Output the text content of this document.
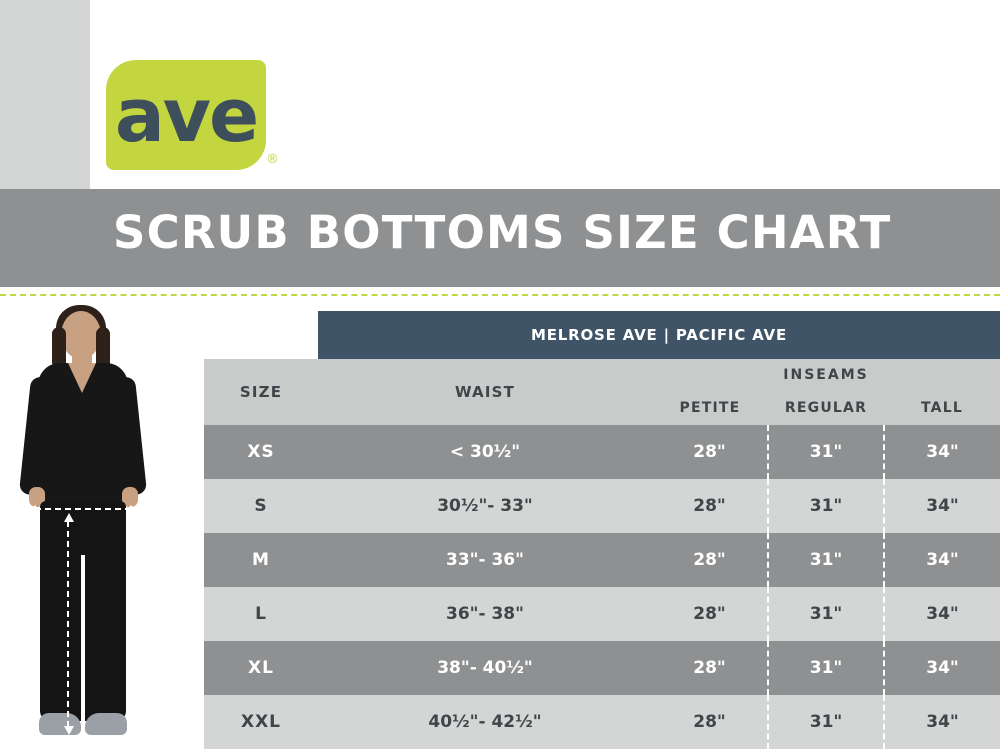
SCRUB BOTTOMS SIZE CHART
ave
®
	MELROSE AVE | PACIFIC AVE			
SIZE	WAIST	INSEAMS		
		PETITE	REGULAR	TALL
XS	< 30½"	28"	31"	34"
S	30½"- 33"	28"	31"	34"
M	33"- 36"	28"	31"	34"
L	36"- 38"	28"	31"	34"
XL	38"- 40½"	28"	31"	34"
XXL	40½"- 42½"	28"	31"	34"
